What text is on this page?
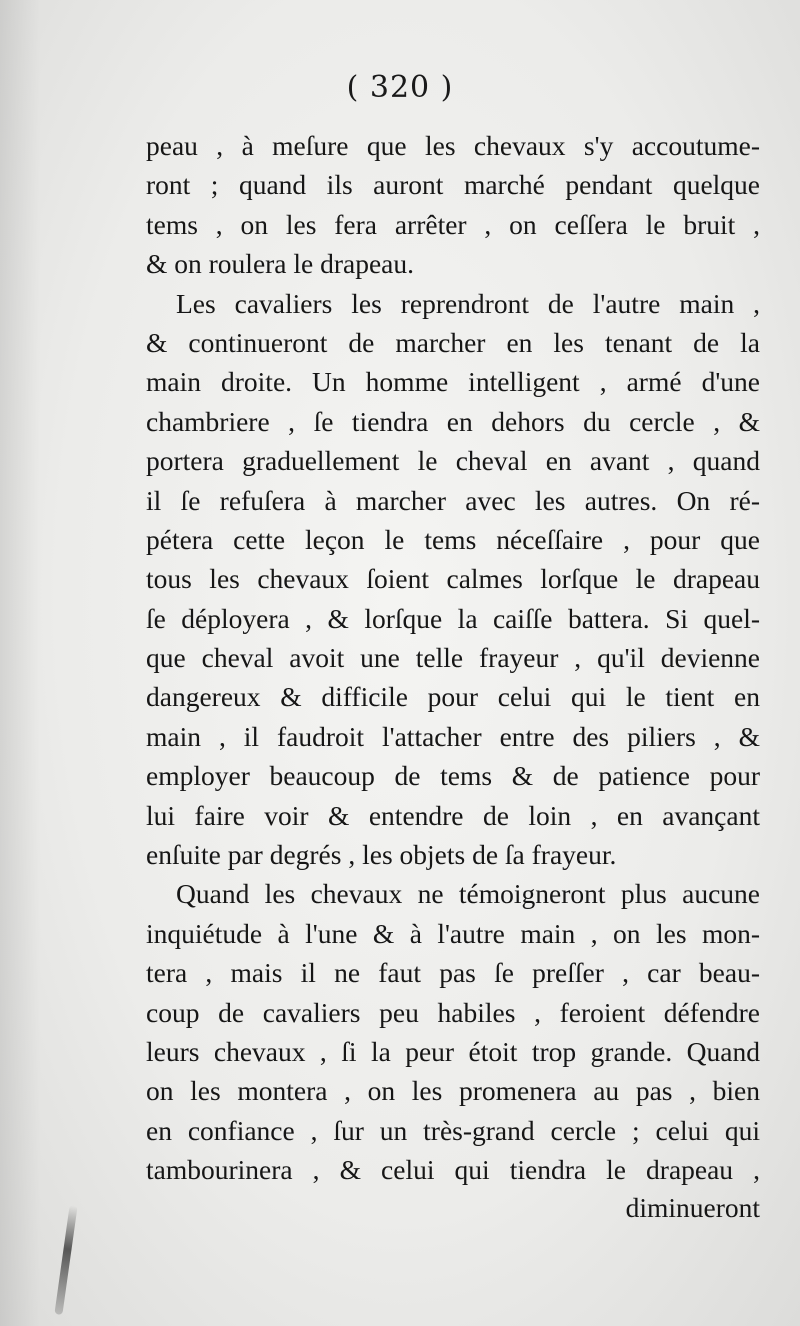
( 320 )
peau , à meſure que les chevaux s'y accoutume-
ront ; quand ils auront marché pendant quelque
tems , on les fera arrêter , on ceſſera le bruit ,
& on roulera le drapeau.
Les cavaliers les reprendront de l'autre main ,
& continueront de marcher en les tenant de la
main droite. Un homme intelligent , armé d'une
chambriere , ſe tiendra en dehors du cercle , &
portera graduellement le cheval en avant , quand
il ſe refuſera à marcher avec les autres. On ré-
pétera cette leçon le tems néceſſaire , pour que
tous les chevaux ſoient calmes lorſque le drapeau
ſe déployera , & lorſque la caiſſe battera. Si quel-
que cheval avoit une telle frayeur , qu'il devienne
dangereux & difficile pour celui qui le tient en
main , il faudroit l'attacher entre des piliers , &
employer beaucoup de tems & de patience pour
lui faire voir & entendre de loin , en avançant
enſuite par degrés , les objets de ſa frayeur.
Quand les chevaux ne témoigneront plus aucune
inquiétude à l'une & à l'autre main , on les mon-
tera , mais il ne faut pas ſe preſſer , car beau-
coup de cavaliers peu habiles , feroient défendre
leurs chevaux , ſi la peur étoit trop grande. Quand
on les montera , on les promenera au pas , bien
en confiance , ſur un très-grand cercle ; celui qui
tambourinera , & celui qui tiendra le drapeau ,
diminueront
